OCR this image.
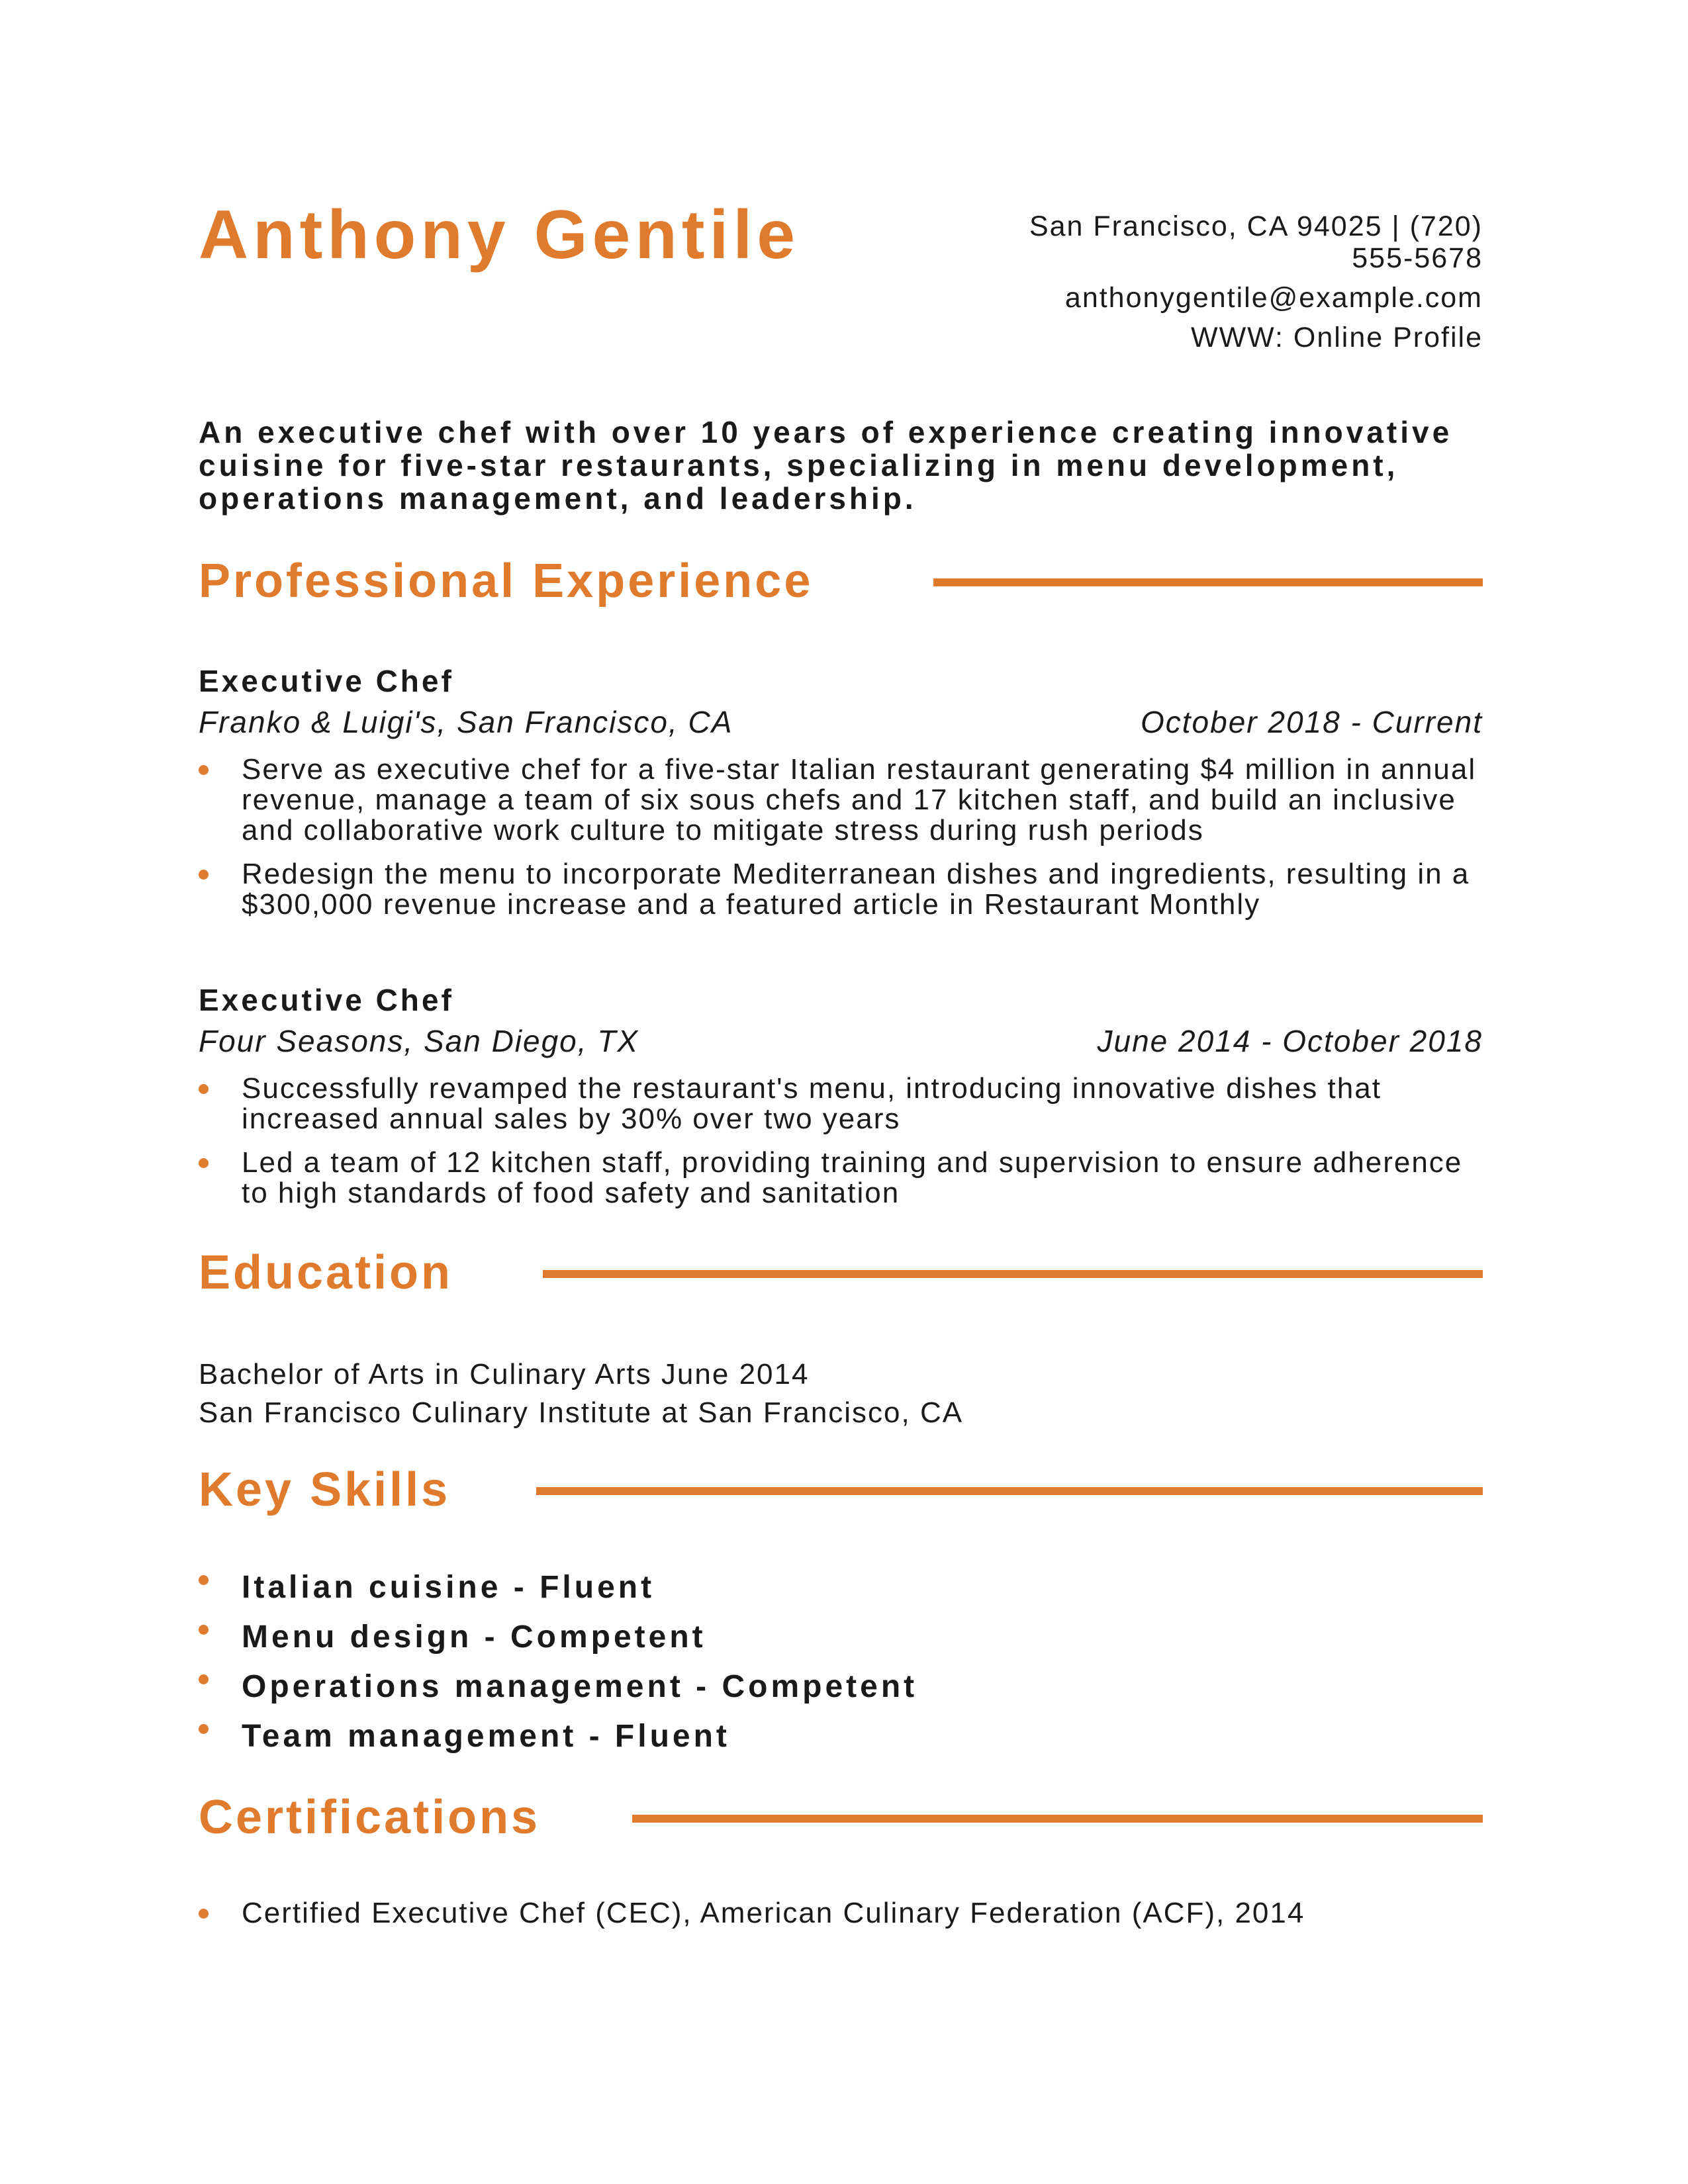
Anthony Gentile	San Francisco, CA 94025 | (720)
555-5678
anthonygentile@example.com
WWW: Online Profile
An executive chef with over 10 years of experience creating innovative cuisine for five-star restaurants, specializing in menu development, operations management, and leadership.
Professional Experience
Executive Chef
Franko & Luigi's, San Francisco, CA	October 2018 - Current
Serve as executive chef for a five-star Italian restaurant generating $4 million in annual revenue, manage a team of six sous chefs and 17 kitchen staff, and build an inclusive and collaborative work culture to mitigate stress during rush periods
Redesign the menu to incorporate Mediterranean dishes and ingredients, resulting in a $300,000 revenue increase and a featured article in Restaurant Monthly
Executive Chef
Four Seasons, San Diego, TX	June 2014 - October 2018
Successfully revamped the restaurant's menu, introducing innovative dishes that increased annual sales by 30% over two years
Led a team of 12 kitchen staff, providing training and supervision to ensure adherence to high standards of food safety and sanitation
Education
Bachelor of Arts in Culinary Arts June 2014
San Francisco Culinary Institute at San Francisco, CA
Key Skills
Italian cuisine - Fluent
Menu design - Competent
Operations management - Competent
Team management - Fluent
Certifications
Certified Executive Chef (CEC), American Culinary Federation (ACF), 2014
